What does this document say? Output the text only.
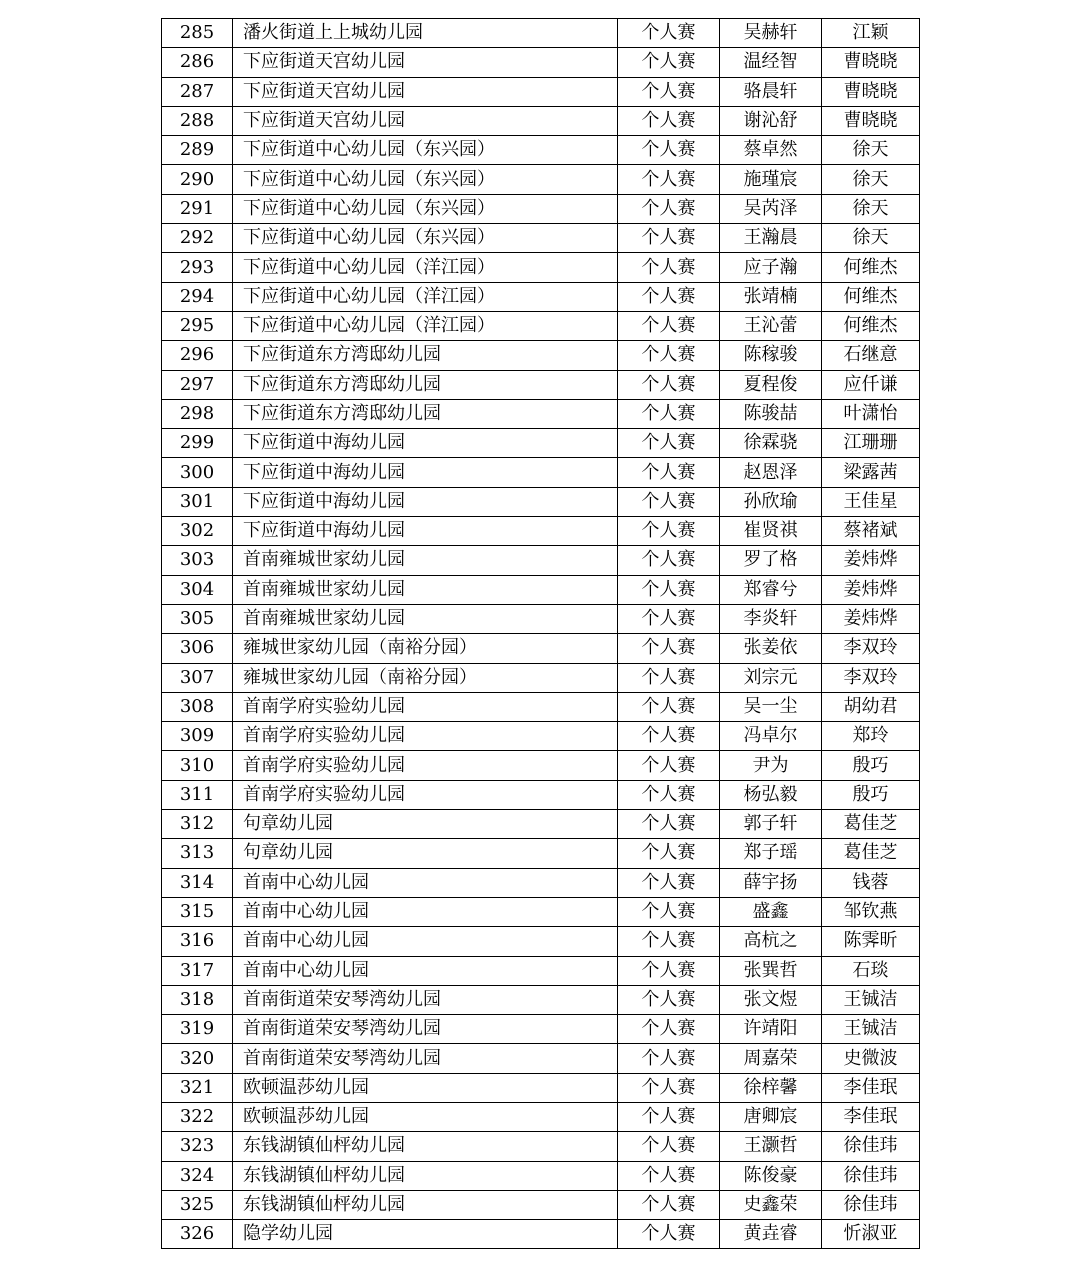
285	潘火街道上上城幼儿园	个人赛	吴赫轩	江颖
286	下应街道天宫幼儿园	个人赛	温经智	曹晓晓
287	下应街道天宫幼儿园	个人赛	骆晨轩	曹晓晓
288	下应街道天宫幼儿园	个人赛	谢沁舒	曹晓晓
289	下应街道中心幼儿园（东兴园）	个人赛	蔡卓然	徐天
290	下应街道中心幼儿园（东兴园）	个人赛	施瑾宸	徐天
291	下应街道中心幼儿园（东兴园）	个人赛	吴芮泽	徐天
292	下应街道中心幼儿园（东兴园）	个人赛	王瀚晨	徐天
293	下应街道中心幼儿园（洋江园）	个人赛	应子瀚	何维杰
294	下应街道中心幼儿园（洋江园）	个人赛	张靖楠	何维杰
295	下应街道中心幼儿园（洋江园）	个人赛	王沁蕾	何维杰
296	下应街道东方湾邸幼儿园	个人赛	陈稼骏	石继意
297	下应街道东方湾邸幼儿园	个人赛	夏程俊	应仟谦
298	下应街道东方湾邸幼儿园	个人赛	陈骏喆	叶潇怡
299	下应街道中海幼儿园	个人赛	徐霖骁	江珊珊
300	下应街道中海幼儿园	个人赛	赵恩泽	梁露茜
301	下应街道中海幼儿园	个人赛	孙欣瑜	王佳星
302	下应街道中海幼儿园	个人赛	崔贤祺	蔡褚斌
303	首南雍城世家幼儿园	个人赛	罗了格	姜炜烨
304	首南雍城世家幼儿园	个人赛	郑睿兮	姜炜烨
305	首南雍城世家幼儿园	个人赛	李炎轩	姜炜烨
306	雍城世家幼儿园（南裕分园）	个人赛	张姜依	李双玲
307	雍城世家幼儿园（南裕分园）	个人赛	刘宗元	李双玲
308	首南学府实验幼儿园	个人赛	吴一尘	胡幼君
309	首南学府实验幼儿园	个人赛	冯卓尔	郑玲
310	首南学府实验幼儿园	个人赛	尹为	殷巧
311	首南学府实验幼儿园	个人赛	杨弘毅	殷巧
312	句章幼儿园	个人赛	郭子轩	葛佳芝
313	句章幼儿园	个人赛	郑子瑶	葛佳芝
314	首南中心幼儿园	个人赛	薛宇扬	钱蓉
315	首南中心幼儿园	个人赛	盛鑫	邹钦燕
316	首南中心幼儿园	个人赛	高杭之	陈霁昕
317	首南中心幼儿园	个人赛	张巽哲	石琰
318	首南街道荣安琴湾幼儿园	个人赛	张文煜	王铖洁
319	首南街道荣安琴湾幼儿园	个人赛	许靖阳	王铖洁
320	首南街道荣安琴湾幼儿园	个人赛	周嘉荣	史微波
321	欧顿温莎幼儿园	个人赛	徐梓馨	李佳珉
322	欧顿温莎幼儿园	个人赛	唐卿宸	李佳珉
323	东钱湖镇仙枰幼儿园	个人赛	王灏哲	徐佳玮
324	东钱湖镇仙枰幼儿园	个人赛	陈俊豪	徐佳玮
325	东钱湖镇仙枰幼儿园	个人赛	史鑫荣	徐佳玮
326	隐学幼儿园	个人赛	黄垚睿	忻淑亚
